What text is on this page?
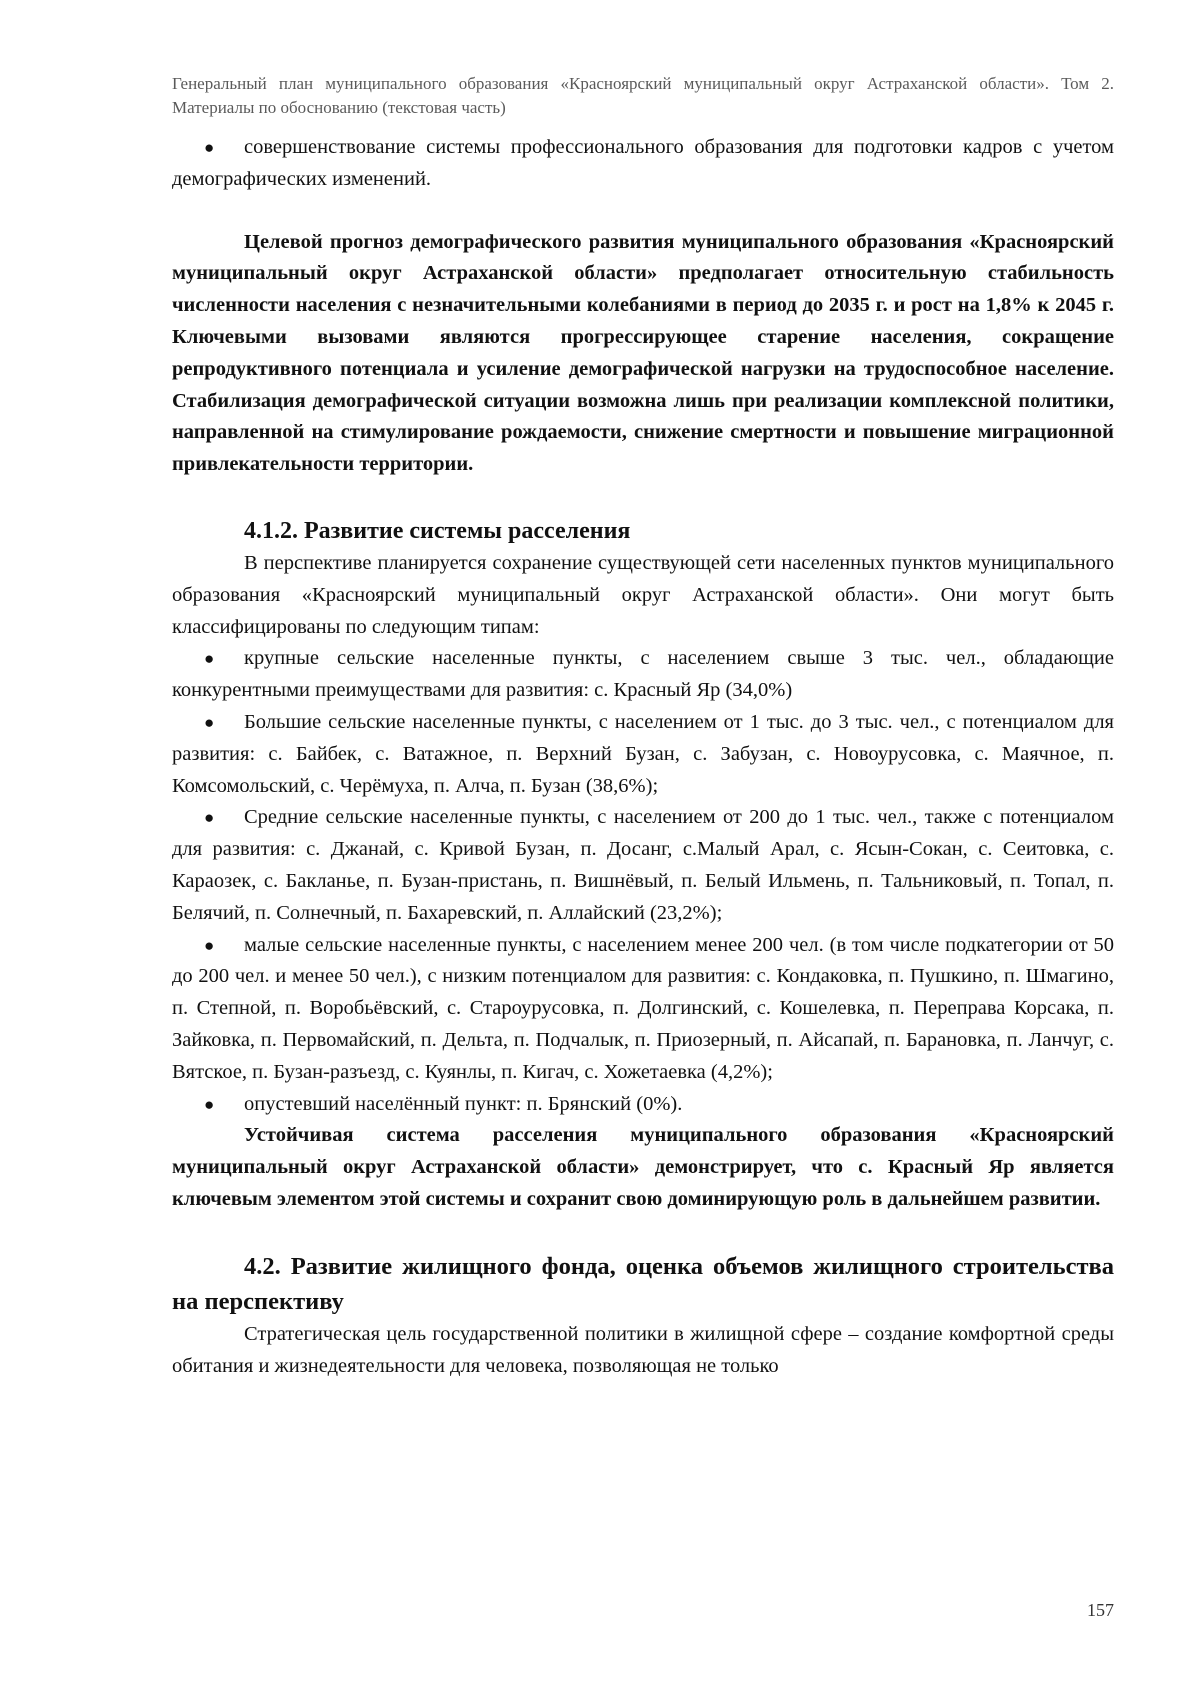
Генеральный план муниципального образования «Красноярский муниципальный округ Астраханской области». Том 2. Материалы по обоснованию (текстовая часть)

● совершенствование системы профессионального образования для подготовки кадров с учетом демографических изменений.

Целевой прогноз демографического развития муниципального образования «Красноярский муниципальный округ Астраханской области» предполагает относительную стабильность численности населения с незначительными колебаниями в период до 2035 г. и рост на 1,8% к 2045 г. Ключевыми вызовами являются прогрессирующее старение населения, сокращение репродуктивного потенциала и усиление демографической нагрузки на трудоспособное население. Стабилизация демографической ситуации возможна лишь при реализации комплексной политики, направленной на стимулирование рождаемости, снижение смертности и повышение миграционной привлекательности территории.

4.1.2. Развитие системы расселения

В перспективе планируется сохранение существующей сети населенных пунктов муниципального образования «Красноярский муниципальный округ Астраханской области». Они могут быть классифицированы по следующим типам:

● крупные сельские населенные пункты, с населением свыше 3 тыс. чел., обладающие конкурентными преимуществами для развития: с. Красный Яр (34,0%)

● Большие сельские населенные пункты, с населением от 1 тыс. до 3 тыс. чел., с потенциалом для развития: с. Байбек, с. Ватажное, п. Верхний Бузан, с. Забузан, с. Новоурусовка, с. Маячное, п. Комсомольский, с. Черёмуха, п. Алча, п. Бузан (38,6%);

● Средние сельские населенные пункты, с населением от 200 до 1 тыс. чел., также с потенциалом для развития: с. Джанай, с. Кривой Бузан, п. Досанг, с.Малый Арал, с. Ясын-Сокан, с. Сеитовка, с. Караозек, с. Бакланье, п. Бузан-пристань, п. Вишнёвый, п. Белый Ильмень, п. Тальниковый, п. Топал, п. Белячий, п. Солнечный, п. Бахаревский, п. Аллайский (23,2%);

● малые сельские населенные пункты, с населением менее 200 чел. (в том числе подкатегории от 50 до 200 чел. и менее 50 чел.), с низким потенциалом для развития: с. Кондаковка, п. Пушкино, п. Шмагино, п. Степной, п. Воробьёвский, с. Староурусовка, п. Долгинский, с. Кошелевка, п. Переправа Корсака, п. Зайковка, п. Первомайский, п. Дельта, п. Подчалык, п. Приозерный, п. Айсапай, п. Барановка, п. Ланчуг, с. Вятское, п. Бузан-разъезд, с. Куянлы, п. Кигач, с. Хожетаевка (4,2%);

● опустевший населённый пункт: п. Брянский (0%).

Устойчивая система расселения муниципального образования «Красноярский муниципальный округ Астраханской области» демонстрирует, что с. Красный Яр является ключевым элементом этой системы и сохранит свою доминирующую роль в дальнейшем развитии.

4.2. Развитие жилищного фонда, оценка объемов жилищного строительства на перспективу

Стратегическая цель государственной политики в жилищной сфере – создание комфортной среды обитания и жизнедеятельности для человека, позволяющая не только

157
